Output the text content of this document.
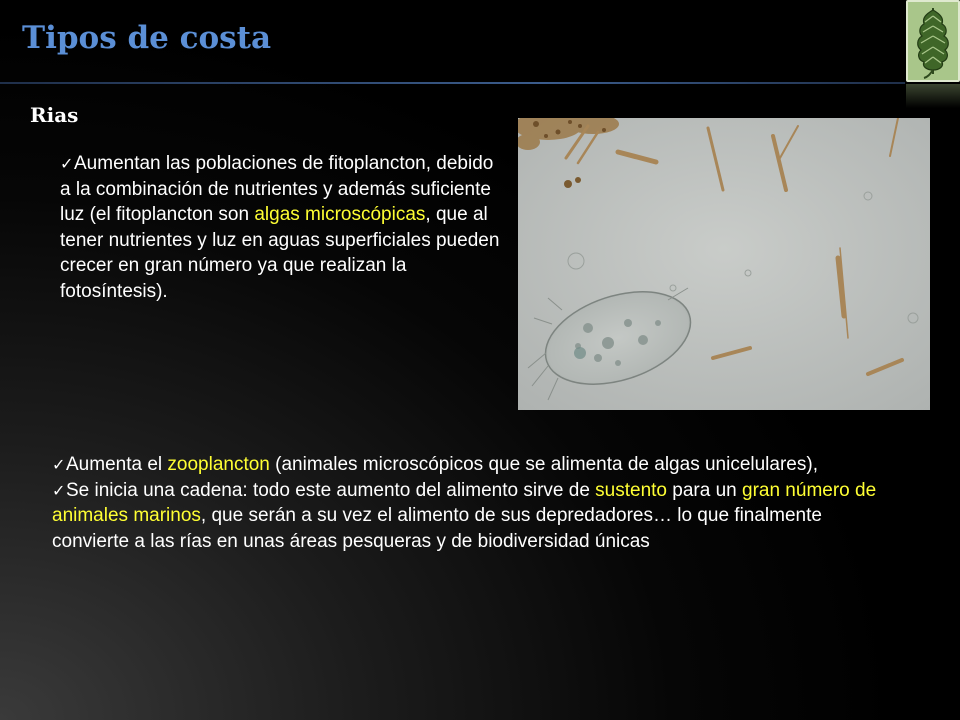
Tipos de costa
Rias
✓Aumentan las poblaciones de fitoplancton, debido a la combinación de nutrientes y además suficiente luz (el fitoplancton son algas microscópicas, que al tener nutrientes y luz en aguas superficiales pueden crecer en gran número ya que realizan la fotosíntesis).
✓Aumenta el zooplancton (animales microscópicos que se alimenta de algas unicelulares),
✓Se inicia una cadena: todo este aumento del alimento sirve de sustento para un gran número de animales marinos, que serán a su vez el alimento de sus depredadores… lo que finalmente convierte a las rías en unas áreas pesqueras y de biodiversidad únicas
